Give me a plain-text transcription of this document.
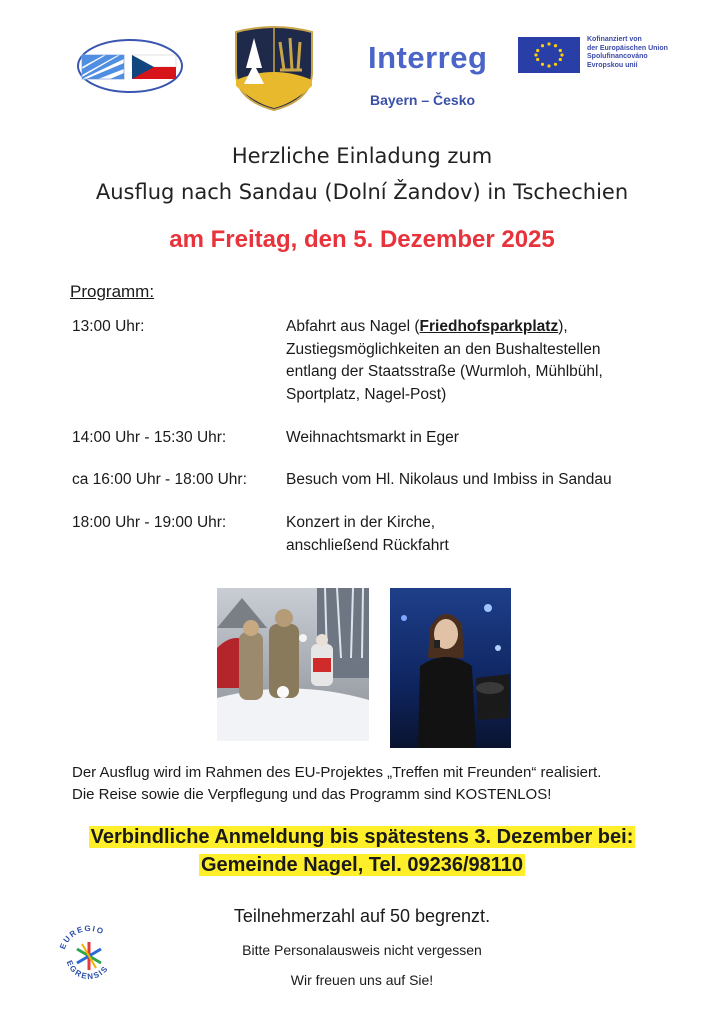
Interreg
Bayern – Česko
Kofinanziert von
der Europäischen Union
Spolufinancováno
Evropskou unií
Herzliche Einladung zum
Ausflug nach Sandau (Dolní Žandov) in Tschechien
am Freitag, den 5. Dezember 2025
Programm:
13:00 Uhr:	Abfahrt aus Nagel (Friedhofsparkplatz),
Zustiegsmöglichkeiten an den Bushaltestellen
entlang der Staatsstraße (Wurmloh, Mühlbühl,
Sportplatz, Nagel-Post)
14:00 Uhr - 15:30 Uhr:	Weihnachtsmarkt in Eger
ca 16:00 Uhr - 18:00 Uhr:	Besuch vom Hl. Nikolaus und Imbiss in Sandau
18:00 Uhr - 19:00 Uhr:	Konzert in der Kirche,
anschließend Rückfahrt
Der Ausflug wird im Rahmen des EU-Projektes „Treffen mit Freunden“ realisiert.
Die Reise sowie die Verpflegung und das Programm sind KOSTENLOS!
Verbindliche Anmeldung bis spätestens 3. Dezember bei:
Gemeinde Nagel, Tel. 09236/98110
Teilnehmerzahl auf 50 begrenzt.
Bitte Personalausweis nicht vergessen
Wir freuen uns auf Sie!
EUREGIO
EGRENSIS
